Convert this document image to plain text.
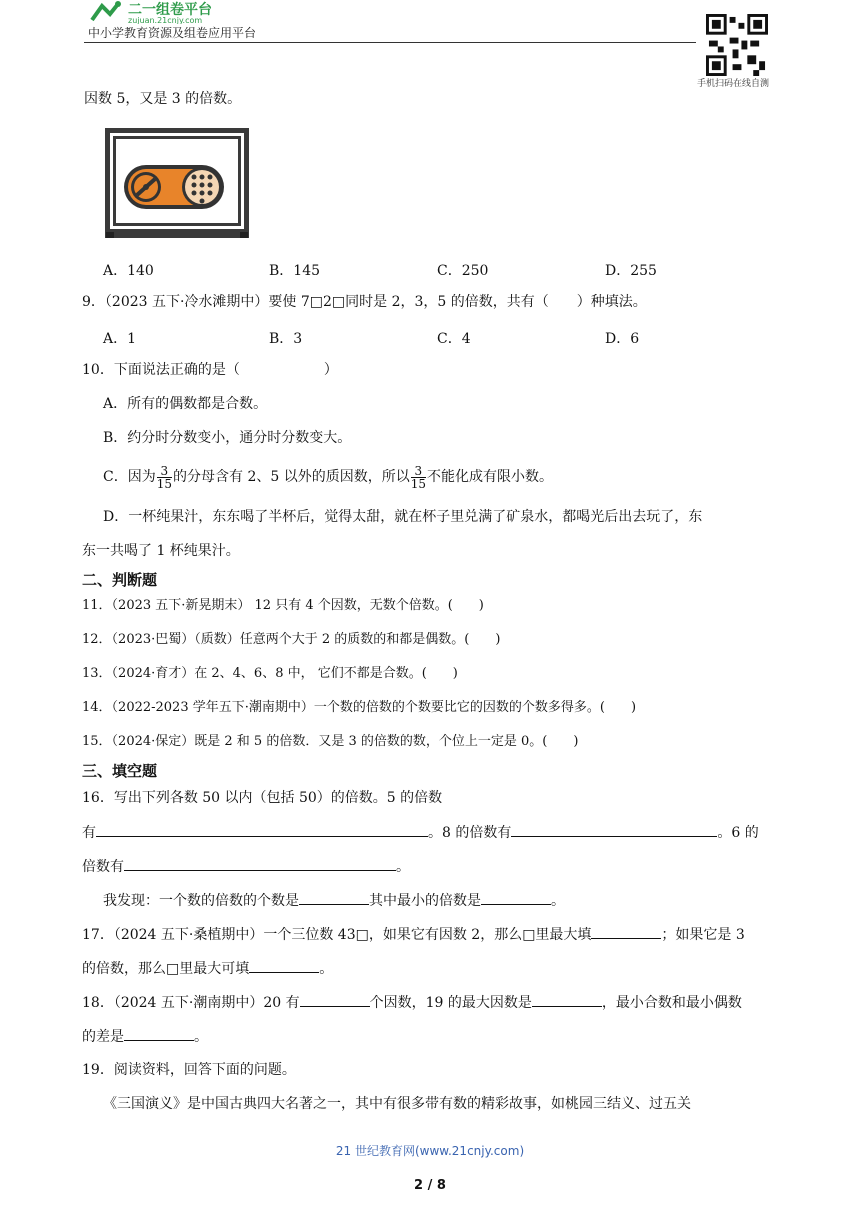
二一组卷平台
zujuan.21cnjy.com
中小学教育资源及组卷应用平台
手机扫码在线自测
因数 5，又是 3 的倍数。
A．140	B．145	C．250	D．255
9．（2023 五下·冷水滩期中）要使 7□2□同时是 2，3，5 的倍数，共有（　　）种填法。
A．1	B．3	C．4	D．6
10．下面说法正确的是（　　　　　　）
A．所有的偶数都是合数。
B．约分时分数变小，通分时分数变大。
C．因为 $\frac{3}{15}$ 的分母含有 2、5 以外的质因数，所以 $\frac{3}{15}$ 不能化成有限小数。
D．一杯纯果汁，东东喝了半杯后，觉得太甜，就在杯子里兑满了矿泉水，都喝光后出去玩了，东
东一共喝了 1 杯纯果汁。
二、判断题
11．（2023 五下·新晃期末） 12 只有 4 个因数，无数个倍数。(　　)
12．（2023·巴蜀）（质数）任意两个大于 2 的质数的和都是偶数。(　　)
13．（2024·育才）在 2、4、6、8 中， 它们不都是合数。(　　)
14．（2022-2023 学年五下·潮南期中）一个数的倍数的个数要比它的因数的个数多得多。(　　)
15．（2024·保定）既是 2 和 5 的倍数．又是 3 的倍数的数，个位上一定是 0。(　　)
三、填空题
16．写出下列各数 50 以内（包括 50）的倍数。5 的倍数
有	。8 的倍数有	。6 的
倍数有	。
我发现：一个数的倍数的个数是	其中最小的倍数是	。
17．（2024 五下·桑植期中）一个三位数 43□，如果它有因数 2，那么□里最大填	；如果它是 3
的倍数，那么□里最大可填	。
18．（2024 五下·潮南期中）20 有	个因数，19 的最大因数是	，最小合数和最小偶数
的差是	。
19．阅读资料，回答下面的问题。
《三国演义》是中国古典四大名著之一，其中有很多带有数的精彩故事，如桃园三结义、过五关
21 世纪教育网(www.21cnjy.com)
2 / 8
